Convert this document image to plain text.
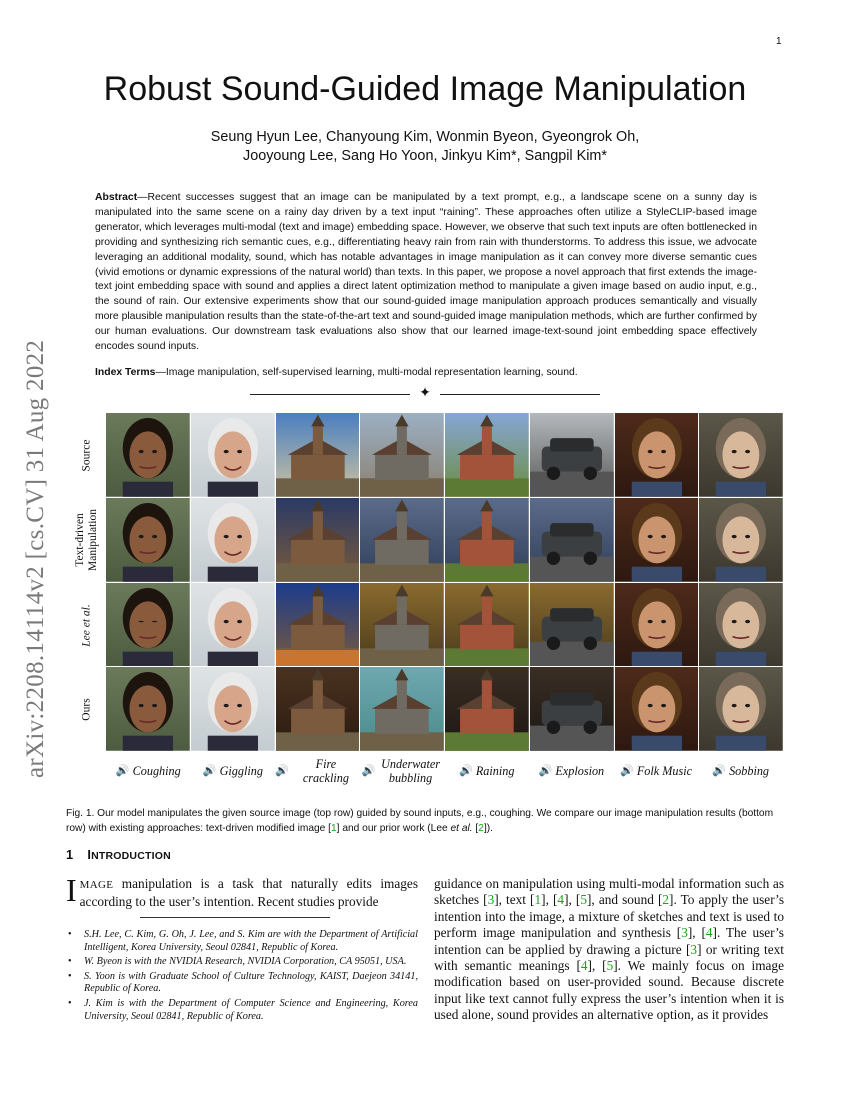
1
arXiv:2208.14114v2 [cs.CV] 31 Aug 2022
Robust Sound-Guided Image Manipulation
Seung Hyun Lee, Chanyoung Kim, Wonmin Byeon, Gyeongrok Oh,
Jooyoung Lee, Sang Ho Yoon, Jinkyu Kim*, Sangpil Kim*
Abstract—Recent successes suggest that an image can be manipulated by a text prompt, e.g., a landscape scene on a sunny day is manipulated into the same scene on a rainy day driven by a text input “raining”. These approaches often utilize a StyleCLIP-based image generator, which leverages multi-modal (text and image) embedding space. However, we observe that such text inputs are often bottlenecked in providing and synthesizing rich semantic cues, e.g., differentiating heavy rain from rain with thunderstorms. To address this issue, we advocate leveraging an additional modality, sound, which has notable advantages in image manipulation as it can convey more diverse semantic cues (vivid emotions or dynamic expressions of the natural world) than texts. In this paper, we propose a novel approach that first extends the image-text joint embedding space with sound and applies a direct latent optimization method to manipulate a given image based on audio input, e.g., the sound of rain. Our extensive experiments show that our sound-guided image manipulation approach produces semantically and visually more plausible manipulation results than the state-of-the-art text and sound-guided image manipulation methods, which are further confirmed by our human evaluations. Our downstream task evaluations also show that our learned image-text-sound joint embedding space effectively encodes sound inputs.
Index Terms—Image manipulation, self-supervised learning, multi-modal representation learning, sound.
✦
Source
Text-driven Manipulation
Lee et al.
Ours
🔊 Coughing 🔊 Giggling 🔊	Fire crackling	🔊 Underwater bubbling	🔊 Raining 🔊 Explosion 🔊 Folk Music 🔊 Sobbing
Fig. 1. Our model manipulates the given source image (top row) guided by sound inputs, e.g., coughing. We compare our image manipulation results (bottom row) with existing approaches: text-driven modified image [1] and our prior work (Lee et al. [2]).
1 INTRODUCTION
IMAGE manipulation is a task that naturally edits images according to the user’s intention. Recent studies provide
• S.H. Lee, C. Kim, G. Oh, J. Lee, and S. Kim are with the Department of Artificial Intelligent, Korea University, Seoul 02841, Republic of Korea.
• W. Byeon is with the NVIDIA Research, NVIDIA Corporation, CA 95051, USA.
• S. Yoon is with Graduate School of Culture Technology, KAIST, Daejeon 34141, Republic of Korea.
• J. Kim is with the Department of Computer Science and Engineering, Korea University, Seoul 02841, Republic of Korea.
guidance on manipulation using multi-modal information such as sketches [3], text [1], [4], [5], and sound [2]. To apply the user’s intention into the image, a mixture of sketches and text is used to perform image manipulation and synthesis [3], [4]. The user’s intention can be applied by drawing a picture [3] or writing text with semantic meanings [4], [5]. We mainly focus on image modification based on user-provided sound. Because discrete input like text cannot fully express the user’s intention when it is used alone, sound provides an alternative option, as it provides
